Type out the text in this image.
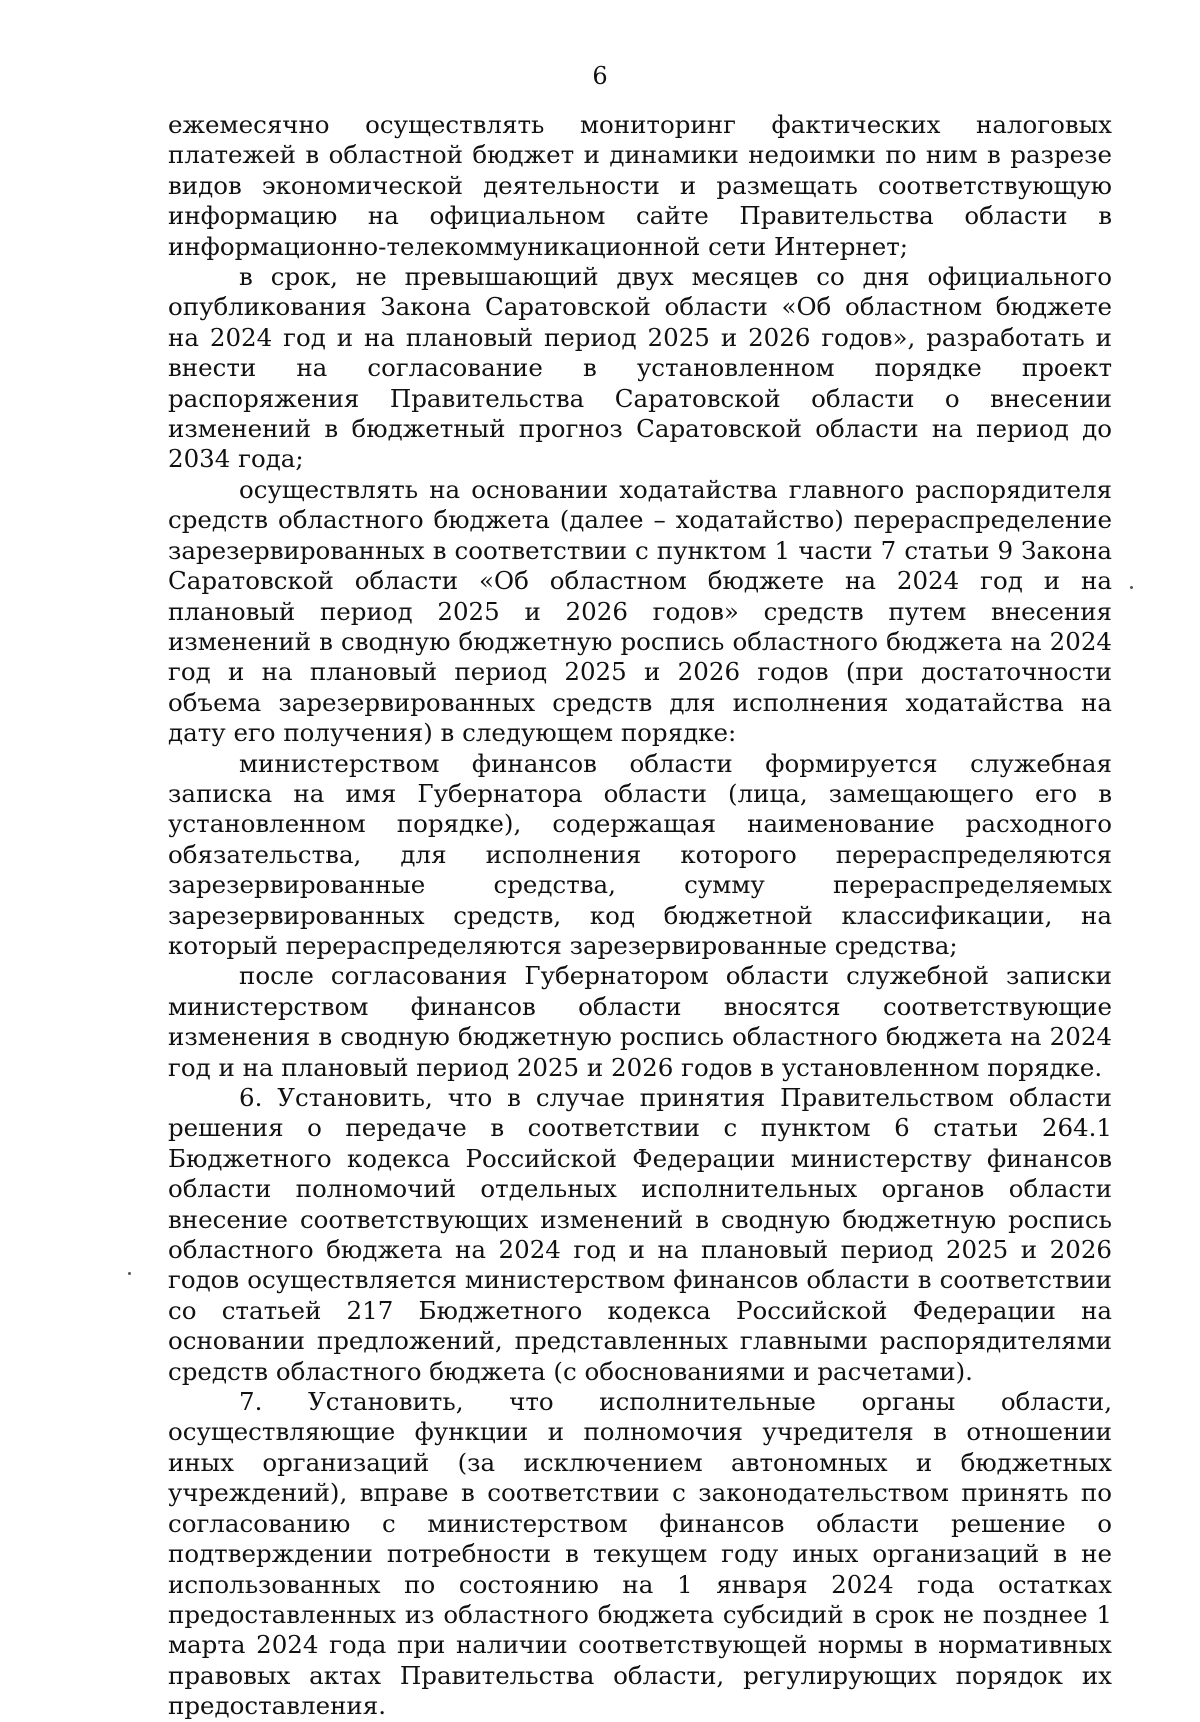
6

ежемесячно осуществлять мониторинг фактических налоговых платежей в областной бюджет и динамики недоимки по ним в разрезе видов экономической деятельности и размещать соответствующую информацию на официальном сайте Правительства области в информационно-телекоммуникационной сети Интернет;

в срок, не превышающий двух месяцев со дня официального опубликования Закона Саратовской области «Об областном бюджете на 2024 год и на плановый период 2025 и 2026 годов», разработать и внести на согласование в установленном порядке проект распоряжения Правительства Саратовской области о внесении изменений в бюджетный прогноз Саратовской области на период до 2034 года;

осуществлять на основании ходатайства главного распорядителя средств областного бюджета (далее – ходатайство) перераспределение зарезервированных в соответствии с пунктом 1 части 7 статьи 9 Закона Саратовской области «Об областном бюджете на 2024 год и на плановый период 2025 и 2026 годов» средств путем внесения изменений в сводную бюджетную роспись областного бюджета на 2024 год и на плановый период 2025 и 2026 годов (при достаточности объема зарезервированных средств для исполнения ходатайства на дату его получения) в следующем порядке:

министерством финансов области формируется служебная записка на имя Губернатора области (лица, замещающего его в установленном порядке), содержащая наименование расходного обязательства, для исполнения которого перераспределяются зарезервированные средства, сумму перераспределяемых зарезервированных средств, код бюджетной классификации, на который перераспределяются зарезервированные средства;

после согласования Губернатором области служебной записки министерством финансов области вносятся соответствующие изменения в сводную бюджетную роспись областного бюджета на 2024 год и на плановый период 2025 и 2026 годов в установленном порядке.

6. Установить, что в случае принятия Правительством области решения о передаче в соответствии с пунктом 6 статьи 264.1 Бюджетного кодекса Российской Федерации министерству финансов области полномочий отдельных исполнительных органов области внесение соответствующих изменений в сводную бюджетную роспись областного бюджета на 2024 год и на плановый период 2025 и 2026 годов осуществляется министерством финансов области в соответствии со статьей 217 Бюджетного кодекса Российской Федерации на основании предложений, представленных главными распорядителями средств областного бюджета (с обоснованиями и расчетами).

7. Установить, что исполнительные органы области, осуществляющие функции и полномочия учредителя в отношении иных организаций (за исключением автономных и бюджетных учреждений), вправе в соответствии с законодательством принять по согласованию с министерством финансов области решение о подтверждении потребности в текущем году иных организаций в не использованных по состоянию на 1 января 2024 года остатках предоставленных из областного бюджета субсидий в срок не позднее 1 марта 2024 года при наличии соответствующей нормы в нормативных правовых актах Правительства области, регулирующих порядок их предоставления.
